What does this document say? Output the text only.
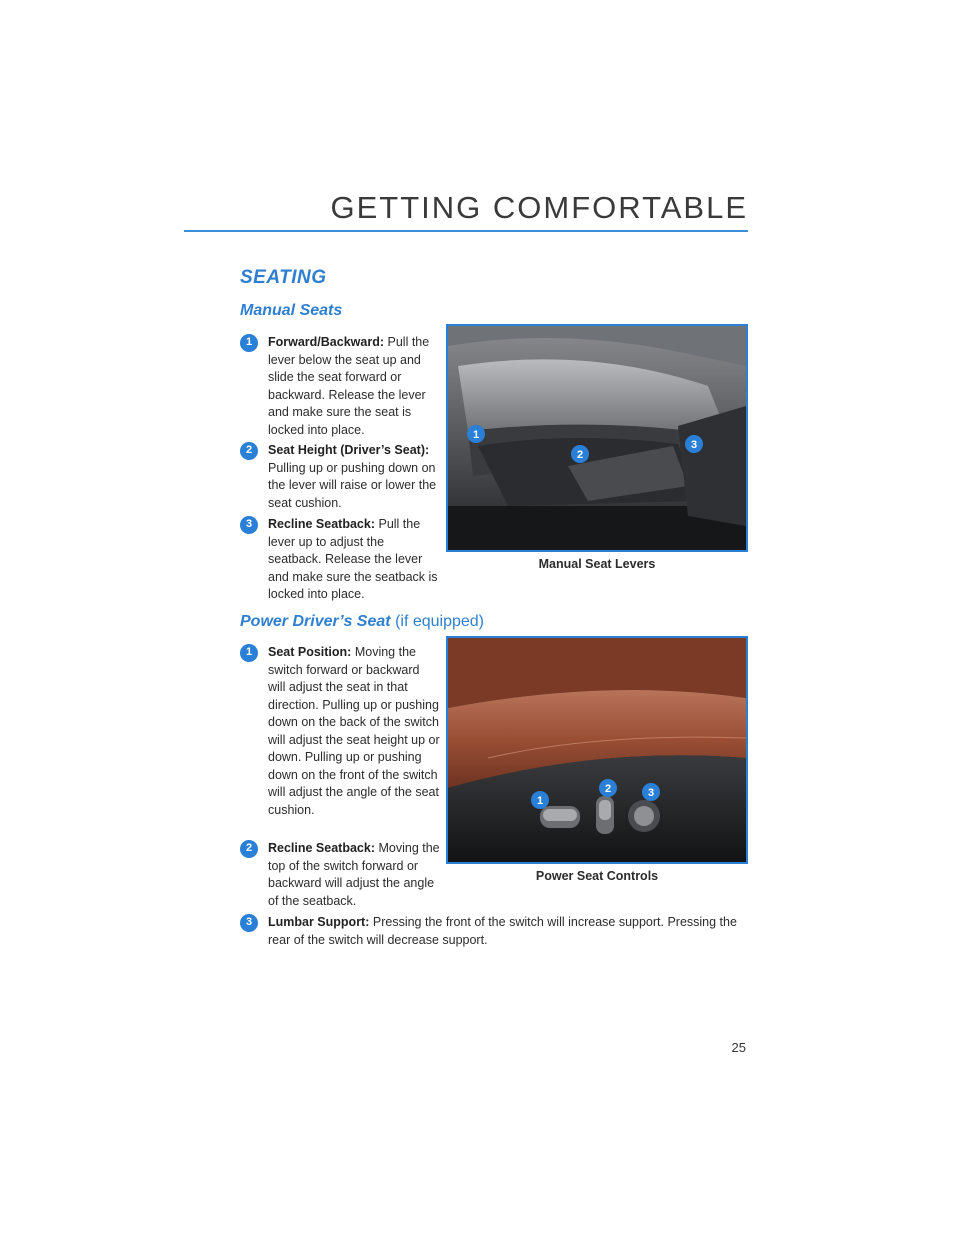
GETTING COMFORTABLE
SEATING
Manual Seats
1	Forward/Backward: Pull the lever below the seat up and slide the seat forward or backward. Release the lever and make sure the seat is locked into place.
2	Seat Height (Driver’s Seat): Pulling up or pushing down on the lever will raise or lower the seat cushion.
3	Recline Seatback: Pull the lever up to adjust the seatback. Release the lever and make sure the seatback is locked into place.
1
2
3
Manual Seat Levers
Power Driver’s Seat (if equipped)
1	Seat Position: Moving the switch forward or backward will adjust the seat in that direction. Pulling up or pushing down on the back of the switch will adjust the seat height up or down. Pulling up or pushing down on the front of the switch will adjust the angle of the seat cushion.
2	Recline Seatback: Moving the top of the switch forward or backward will adjust the angle of the seatback.
3	Lumbar Support: Pressing the front of the switch will increase support. Pressing the rear of the switch will decrease support.
1
2	3
Power Seat Controls
25
